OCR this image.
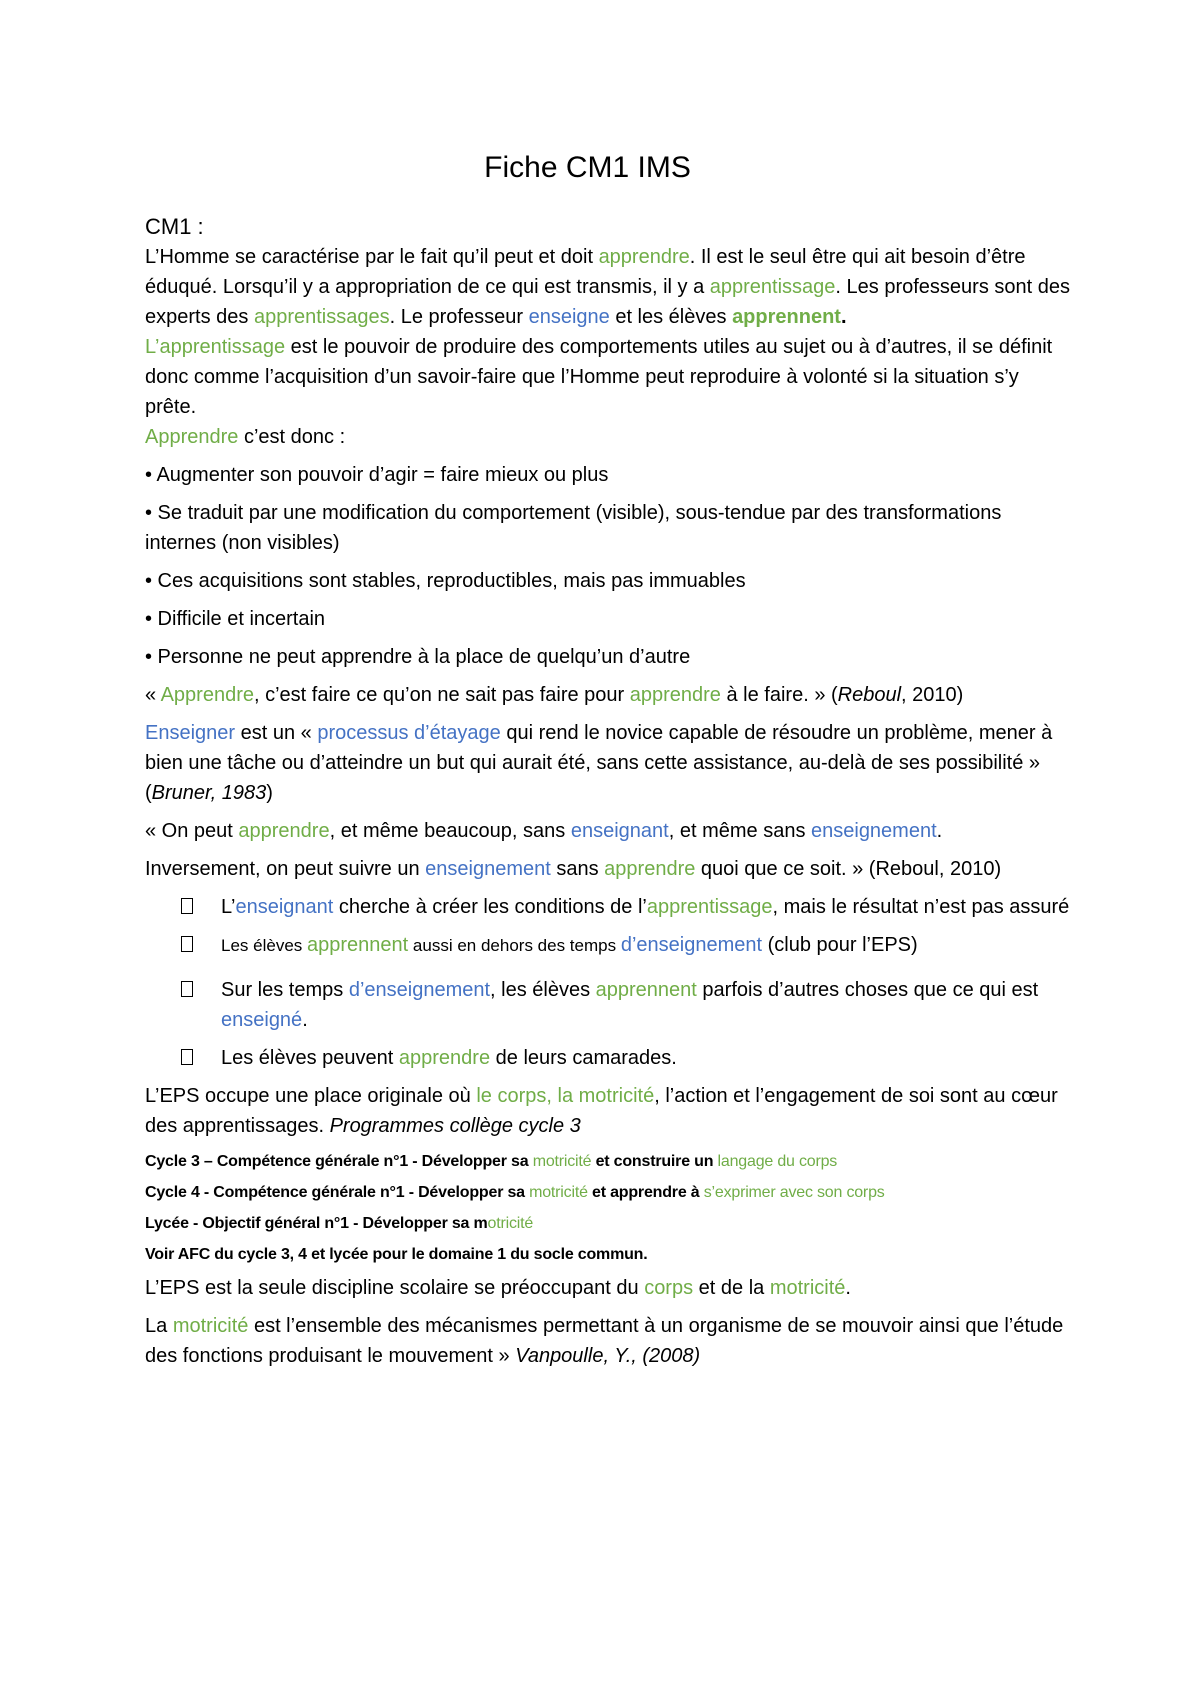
Fiche CM1 IMS
CM1 :

L’Homme se caractérise par le fait qu’il peut et doit apprendre. Il est le seul être qui ait besoin d’être éduqué. Lorsqu’il y a appropriation de ce qui est transmis, il y a apprentissage. Les professeurs sont des experts des apprentissages. Le professeur enseigne et les élèves apprennent.

L’apprentissage est le pouvoir de produire des comportements utiles au sujet ou à d’autres, il se définit donc comme l’acquisition d’un savoir-faire que l’Homme peut reproduire à volonté si la situation s’y prête.

Apprendre c’est donc :

• Augmenter son pouvoir d’agir = faire mieux ou plus

• Se traduit par une modification du comportement (visible), sous-tendue par des transformations internes (non visibles)

• Ces acquisitions sont stables, reproductibles, mais pas immuables

• Difficile et incertain

• Personne ne peut apprendre à la place de quelqu’un d’autre

« Apprendre, c’est faire ce qu’on ne sait pas faire pour apprendre à le faire. » (Reboul, 2010)

Enseigner est un « processus d’étayage qui rend le novice capable de résoudre un problème, mener à bien une tâche ou d’atteindre un but qui aurait été, sans cette assistance, au-delà de ses possibilité » (Bruner, 1983)

« On peut apprendre, et même beaucoup, sans enseignant, et même sans enseignement.

Inversement, on peut suivre un enseignement sans apprendre quoi que ce soit. » (Reboul, 2010)

L’enseignant cherche à créer les conditions de l’apprentissage, mais le résultat n’est pas assuré
Les élèves apprennent aussi en dehors des temps d’enseignement (club pour l’EPS)
Sur les temps d’enseignement, les élèves apprennent parfois d’autres choses que ce qui est enseigné.
Les élèves peuvent apprendre de leurs camarades.

L’EPS occupe une place originale où le corps, la motricité, l’action et l’engagement de soi sont au cœur des apprentissages. Programmes collège cycle 3

Cycle 3 – Compétence générale n°1 - Développer sa motricité et construire un langage du corps

Cycle 4 - Compétence générale n°1 - Développer sa motricité et apprendre à s’exprimer avec son corps

Lycée - Objectif général n°1 - Développer sa motricité

Voir AFC du cycle 3, 4 et lycée pour le domaine 1 du socle commun.

L’EPS est la seule discipline scolaire se préoccupant du corps et de la motricité.

La motricité est l’ensemble des mécanismes permettant à un organisme de se mouvoir ainsi que l’étude des fonctions produisant le mouvement » Vanpoulle, Y., (2008)
